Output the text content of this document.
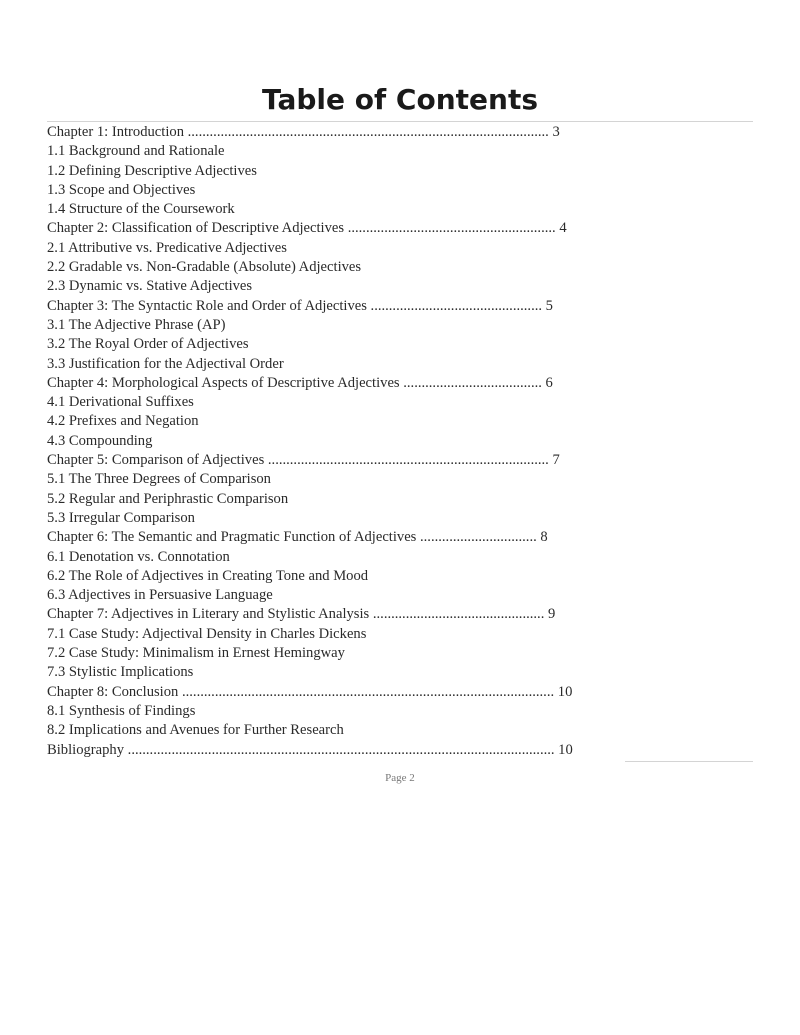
Table of Contents
Chapter 1: Introduction ................................................................................................... 3
1.1 Background and Rationale
1.2 Defining Descriptive Adjectives
1.3 Scope and Objectives
1.4 Structure of the Coursework
Chapter 2: Classification of Descriptive Adjectives ......................................................... 4
2.1 Attributive vs. Predicative Adjectives
2.2 Gradable vs. Non-Gradable (Absolute) Adjectives
2.3 Dynamic vs. Stative Adjectives
Chapter 3: The Syntactic Role and Order of Adjectives ............................................... 5
3.1 The Adjective Phrase (AP)
3.2 The Royal Order of Adjectives
3.3 Justification for the Adjectival Order
Chapter 4: Morphological Aspects of Descriptive Adjectives ...................................... 6
4.1 Derivational Suffixes
4.2 Prefixes and Negation
4.3 Compounding
Chapter 5: Comparison of Adjectives ............................................................................. 7
5.1 The Three Degrees of Comparison
5.2 Regular and Periphrastic Comparison
5.3 Irregular Comparison
Chapter 6: The Semantic and Pragmatic Function of Adjectives ................................ 8
6.1 Denotation vs. Connotation
6.2 The Role of Adjectives in Creating Tone and Mood
6.3 Adjectives in Persuasive Language
Chapter 7: Adjectives in Literary and Stylistic Analysis ............................................... 9
7.1 Case Study: Adjectival Density in Charles Dickens
7.2 Case Study: Minimalism in Ernest Hemingway
7.3 Stylistic Implications
Chapter 8: Conclusion ...................................................................................................... 10
8.1 Synthesis of Findings
8.2 Implications and Avenues for Further Research
Bibliography ..................................................................................................................... 10
Page 2
